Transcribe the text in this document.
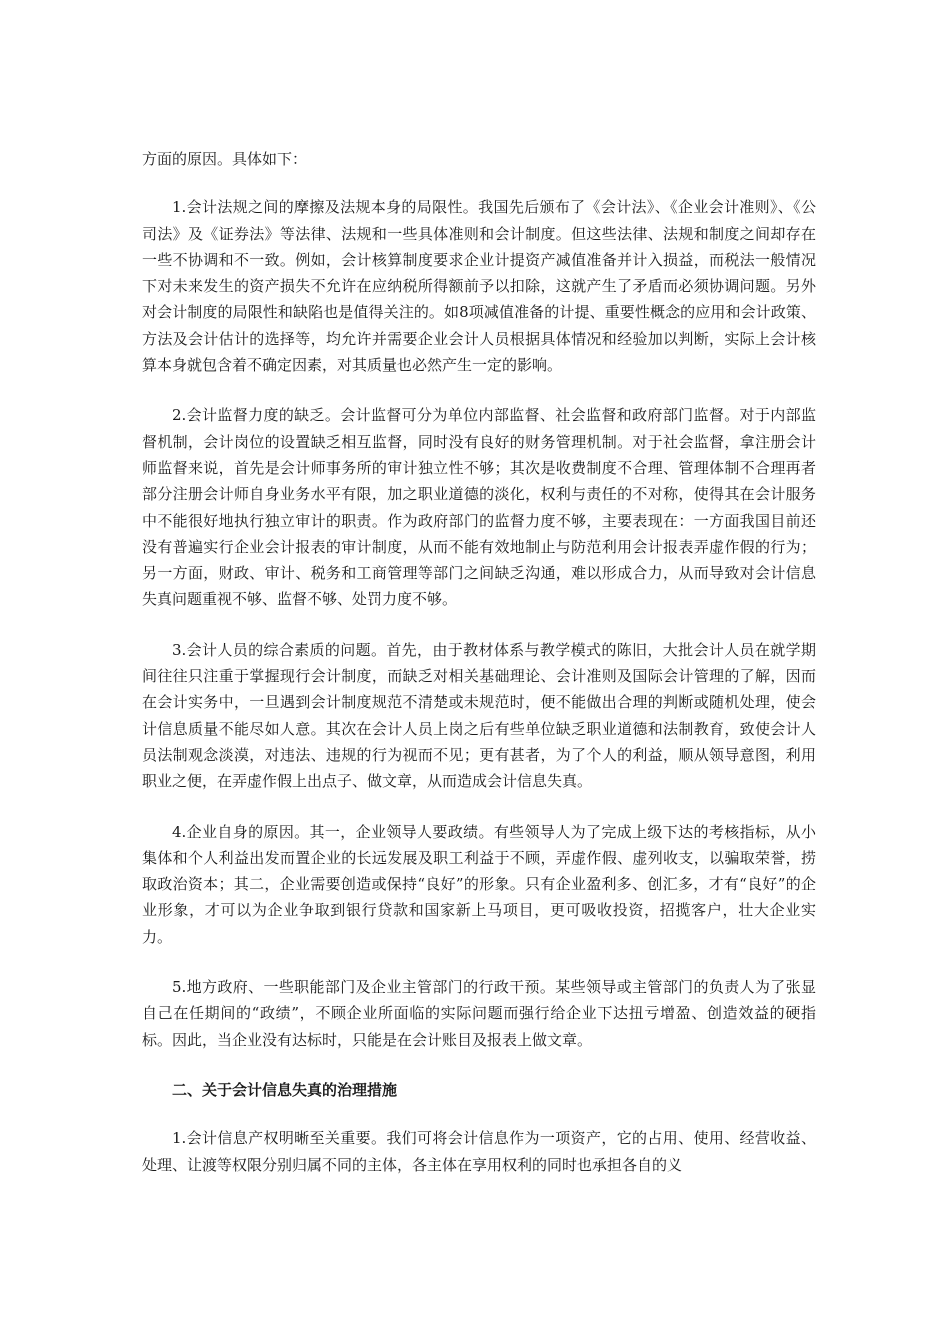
方面的原因。具体如下：

1.会计法规之间的摩擦及法规本身的局限性。我国先后颁布了《会计法》、《企业会计准则》、《公司法》及《证券法》等法律、法规和一些具体准则和会计制度。但这些法律、法规和制度之间却存在一些不协调和不一致。例如，会计核算制度要求企业计提资产减值准备并计入损益，而税法一般情况下对未来发生的资产损失不允许在应纳税所得额前予以扣除，这就产生了矛盾而必须协调问题。另外对会计制度的局限性和缺陷也是值得关注的。如8项减值准备的计提、重要性概念的应用和会计政策、方法及会计估计的选择等，均允许并需要企业会计人员根据具体情况和经验加以判断，实际上会计核算本身就包含着不确定因素，对其质量也必然产生一定的影响。

2.会计监督力度的缺乏。会计监督可分为单位内部监督、社会监督和政府部门监督。对于内部监督机制，会计岗位的设置缺乏相互监督，同时没有良好的财务管理机制。对于社会监督，拿注册会计师监督来说，首先是会计师事务所的审计独立性不够；其次是收费制度不合理、管理体制不合理再者部分注册会计师自身业务水平有限，加之职业道德的淡化，权利与责任的不对称，使得其在会计服务中不能很好地执行独立审计的职责。作为政府部门的监督力度不够，主要表现在：一方面我国目前还没有普遍实行企业会计报表的审计制度，从而不能有效地制止与防范利用会计报表弄虚作假的行为；另一方面，财政、审计、税务和工商管理等部门之间缺乏沟通，难以形成合力，从而导致对会计信息失真问题重视不够、监督不够、处罚力度不够。

3.会计人员的综合素质的问题。首先，由于教材体系与教学模式的陈旧，大批会计人员在就学期间往往只注重于掌握现行会计制度，而缺乏对相关基础理论、会计准则及国际会计管理的了解，因而在会计实务中，一旦遇到会计制度规范不清楚或未规范时，便不能做出合理的判断或随机处理，使会计信息质量不能尽如人意。其次在会计人员上岗之后有些单位缺乏职业道德和法制教育，致使会计人员法制观念淡漠，对违法、违规的行为视而不见；更有甚者，为了个人的利益，顺从领导意图，利用职业之便，在弄虚作假上出点子、做文章，从而造成会计信息失真。

4.企业自身的原因。其一，企业领导人要政绩。有些领导人为了完成上级下达的考核指标，从小集体和个人利益出发而置企业的长远发展及职工利益于不顾，弄虚作假、虚列收支，以骗取荣誉，捞取政治资本；其二，企业需要创造或保持“良好”的形象。只有企业盈利多、创汇多，才有“良好”的企业形象，才可以为企业争取到银行贷款和国家新上马项目，更可吸收投资，招揽客户，壮大企业实力。

5.地方政府、一些职能部门及企业主管部门的行政干预。某些领导或主管部门的负责人为了张显自己在任期间的“政绩”，不顾企业所面临的实际问题而强行给企业下达扭亏增盈、创造效益的硬指标。因此，当企业没有达标时，只能是在会计账目及报表上做文章。

二、关于会计信息失真的治理措施

1.会计信息产权明晰至关重要。我们可将会计信息作为一项资产，它的占用、使用、经营收益、处理、让渡等权限分别归属不同的主体，各主体在享用权利的同时也承担各自的义
